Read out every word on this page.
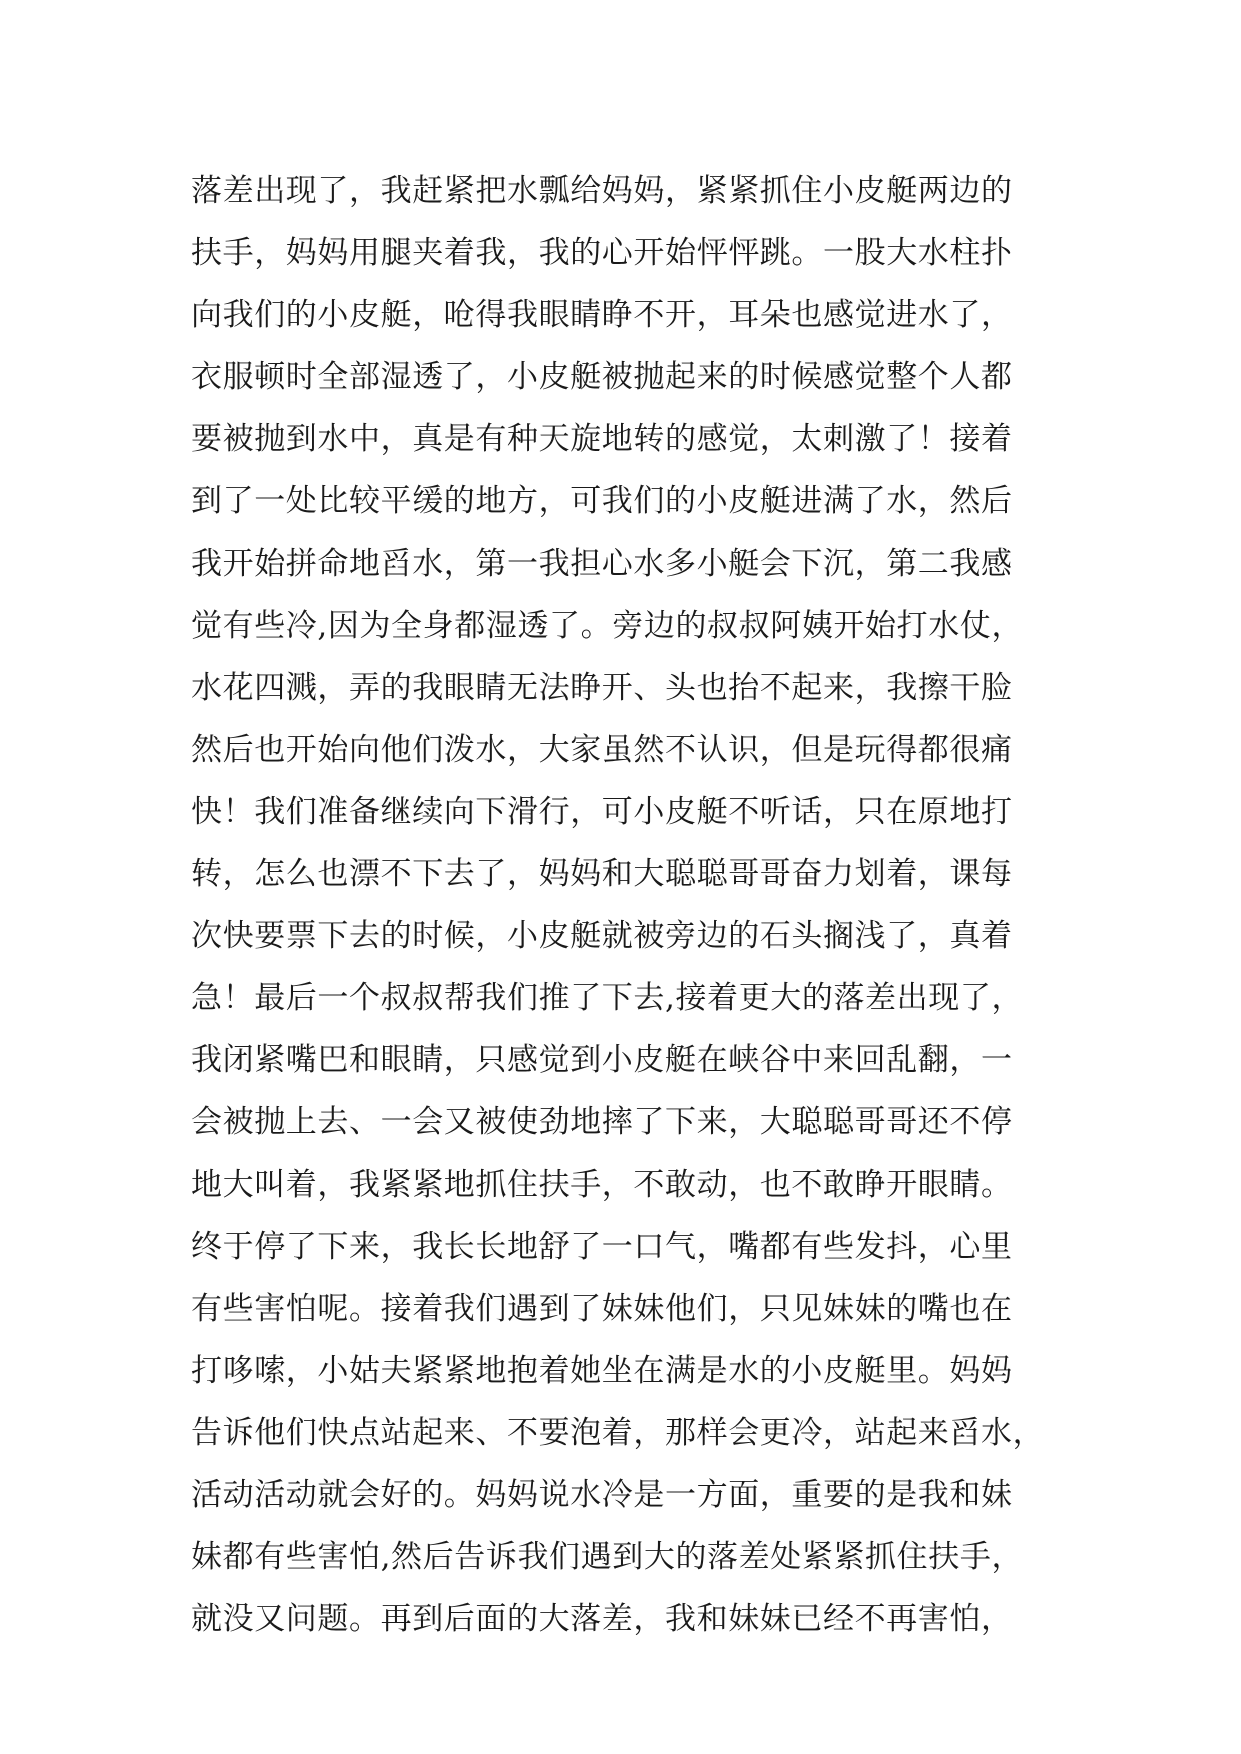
落差出现了，我赶紧把水瓢给妈妈，紧紧抓住小皮艇两边的
扶手，妈妈用腿夹着我，我的心开始怦怦跳。一股大水柱扑
向我们的小皮艇，呛得我眼睛睁不开，耳朵也感觉进水了，
衣服顿时全部湿透了，小皮艇被抛起来的时候感觉整个人都
要被抛到水中，真是有种天旋地转的感觉，太刺激了！接着
到了一处比较平缓的地方，可我们的小皮艇进满了水，然后
我开始拼命地舀水，第一我担心水多小艇会下沉，第二我感
觉有些冷,因为全身都湿透了。旁边的叔叔阿姨开始打水仗，
水花四溅，弄的我眼睛无法睁开、头也抬不起来，我擦干脸
然后也开始向他们泼水，大家虽然不认识，但是玩得都很痛
快！我们准备继续向下滑行，可小皮艇不听话，只在原地打
转，怎么也漂不下去了，妈妈和大聪聪哥哥奋力划着，课每
次快要票下去的时候，小皮艇就被旁边的石头搁浅了，真着
急！最后一个叔叔帮我们推了下去,接着更大的落差出现了，
我闭紧嘴巴和眼睛，只感觉到小皮艇在峡谷中来回乱翻，一
会被抛上去、一会又被使劲地摔了下来，大聪聪哥哥还不停
地大叫着，我紧紧地抓住扶手，不敢动，也不敢睁开眼睛。
终于停了下来，我长长地舒了一口气，嘴都有些发抖，心里
有些害怕呢。接着我们遇到了妹妹他们，只见妹妹的嘴也在
打哆嗦，小姑夫紧紧地抱着她坐在满是水的小皮艇里。妈妈
告诉他们快点站起来、不要泡着，那样会更冷，站起来舀水，
活动活动就会好的。妈妈说水冷是一方面，重要的是我和妹
妹都有些害怕,然后告诉我们遇到大的落差处紧紧抓住扶手，
就没又问题。再到后面的大落差，我和妹妹已经不再害怕，
